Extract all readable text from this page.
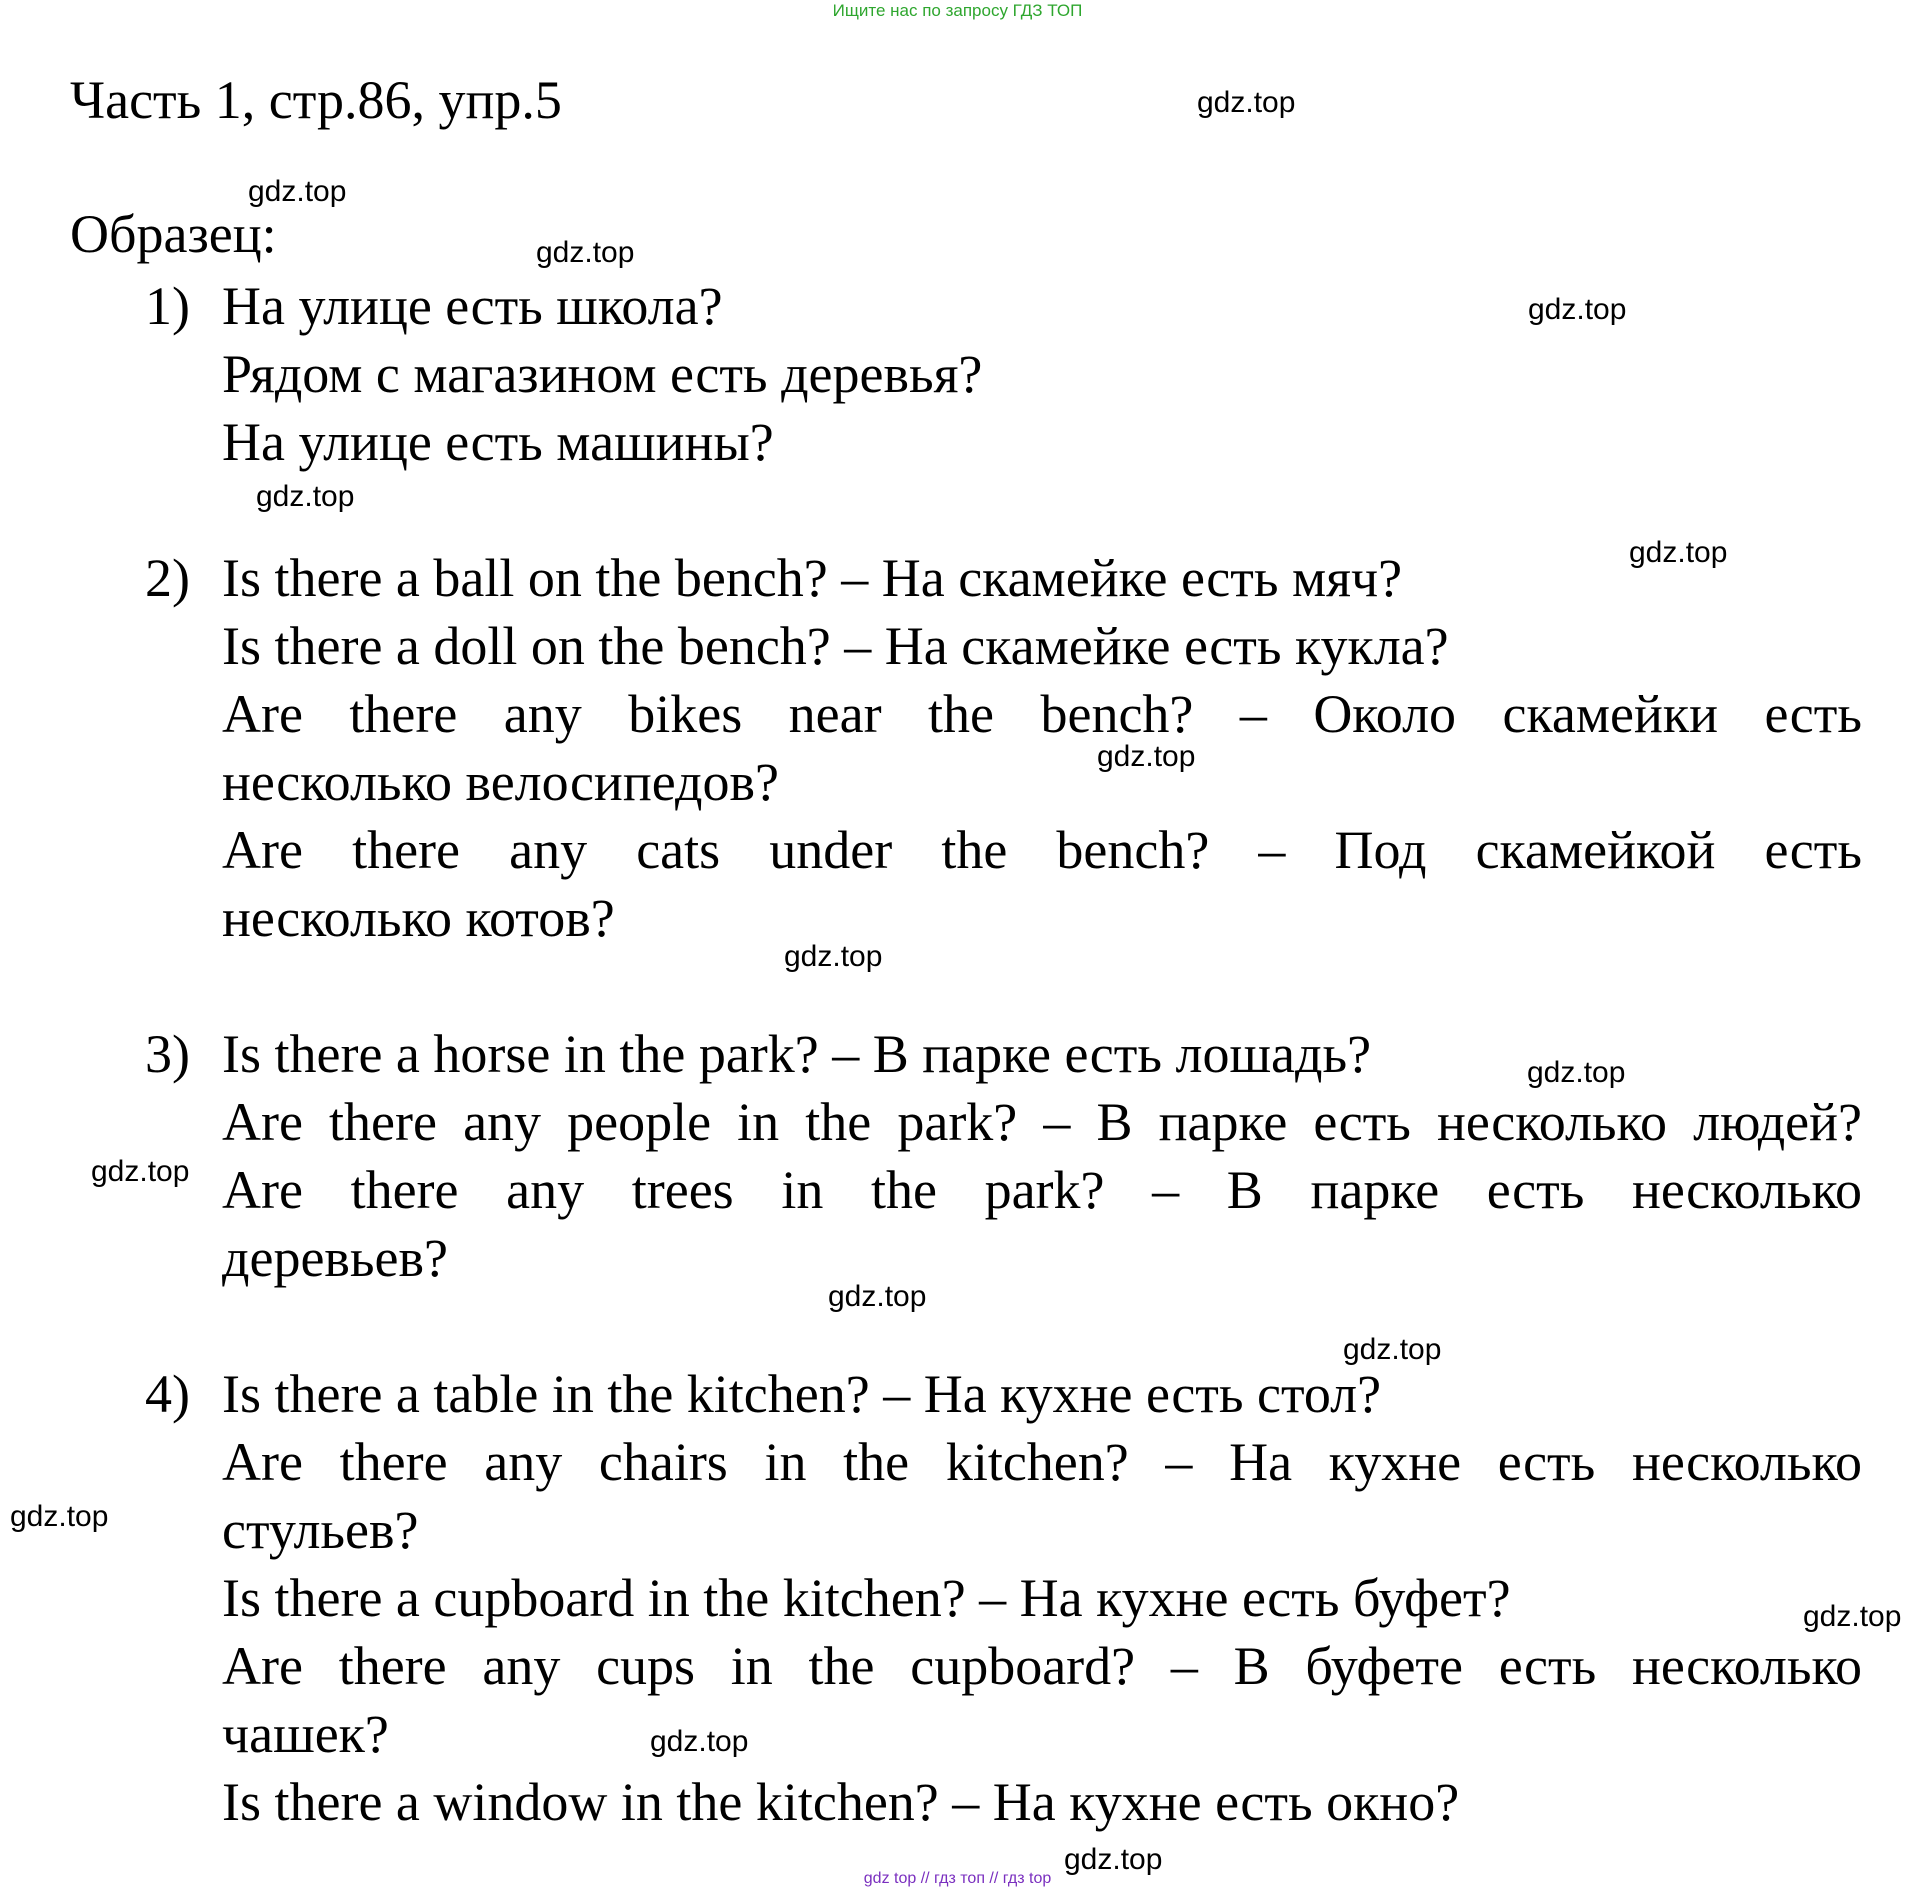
Ищите нас по запросу ГДЗ ТОП
Часть 1, стр.86, упр.5
Образец:
1) На улице есть школа?
Рядом с магазином есть деревья?
На улице есть машины?
2) Is there a ball on the bench? – На скамейке есть мяч?
Is there a doll on the bench? – На скамейке есть кукла?
Are there any bikes near the bench? – Около скамейки есть
несколько велосипедов?
Are there any cats under the bench? – Под скамейкой есть
несколько котов?
3) Is there a horse in the park? – В парке есть лошадь?
Are there any people in the park? – В парке есть несколько людей?
Are there any trees in the park? – В парке есть несколько
деревьев?
4) Is there a table in the kitchen? – На кухне есть стол?
Are there any chairs in the kitchen? – На кухне есть несколько
стульев?
Is there a cupboard in the kitchen? – На кухне есть буфет?
Are there any cups in the cupboard? – В буфете есть несколько
чашек?
Is there a window in the kitchen? – На кухне есть окно?
gdz.top
gdz.top
gdz.top
gdz.top
gdz.top
gdz.top
gdz.top
gdz.top
gdz.top
gdz.top
gdz.top
gdz.top
gdz.top
gdz.top
gdz.top
gdz.top
gdz top // гдз топ // гдз top
